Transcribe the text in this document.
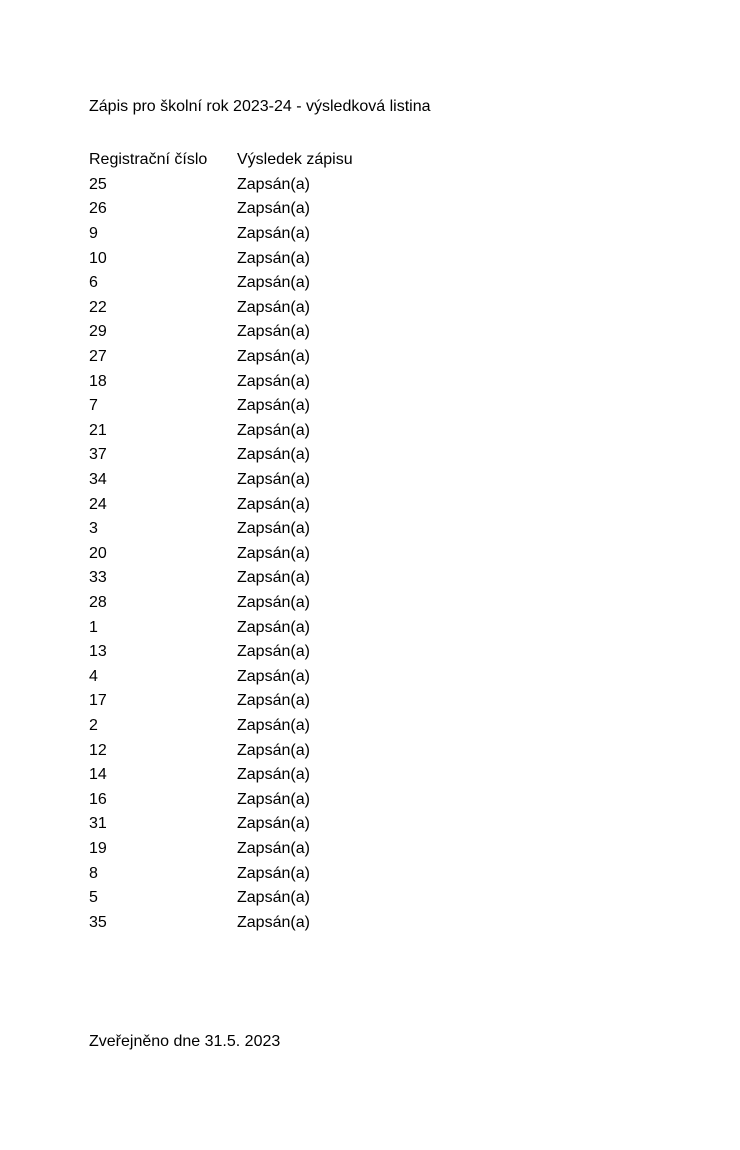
Zápis pro školní rok 2023-24 - výsledková listina
Registrační číslo	Výsledek zápisu
25	Zapsán(a)
26	Zapsán(a)
9	Zapsán(a)
10	Zapsán(a)
6	Zapsán(a)
22	Zapsán(a)
29	Zapsán(a)
27	Zapsán(a)
18	Zapsán(a)
7	Zapsán(a)
21	Zapsán(a)
37	Zapsán(a)
34	Zapsán(a)
24	Zapsán(a)
3	Zapsán(a)
20	Zapsán(a)
33	Zapsán(a)
28	Zapsán(a)
1	Zapsán(a)
13	Zapsán(a)
4	Zapsán(a)
17	Zapsán(a)
2	Zapsán(a)
12	Zapsán(a)
14	Zapsán(a)
16	Zapsán(a)
31	Zapsán(a)
19	Zapsán(a)
8	Zapsán(a)
5	Zapsán(a)
35	Zapsán(a)
Zveřejněno dne 31.5. 2023
